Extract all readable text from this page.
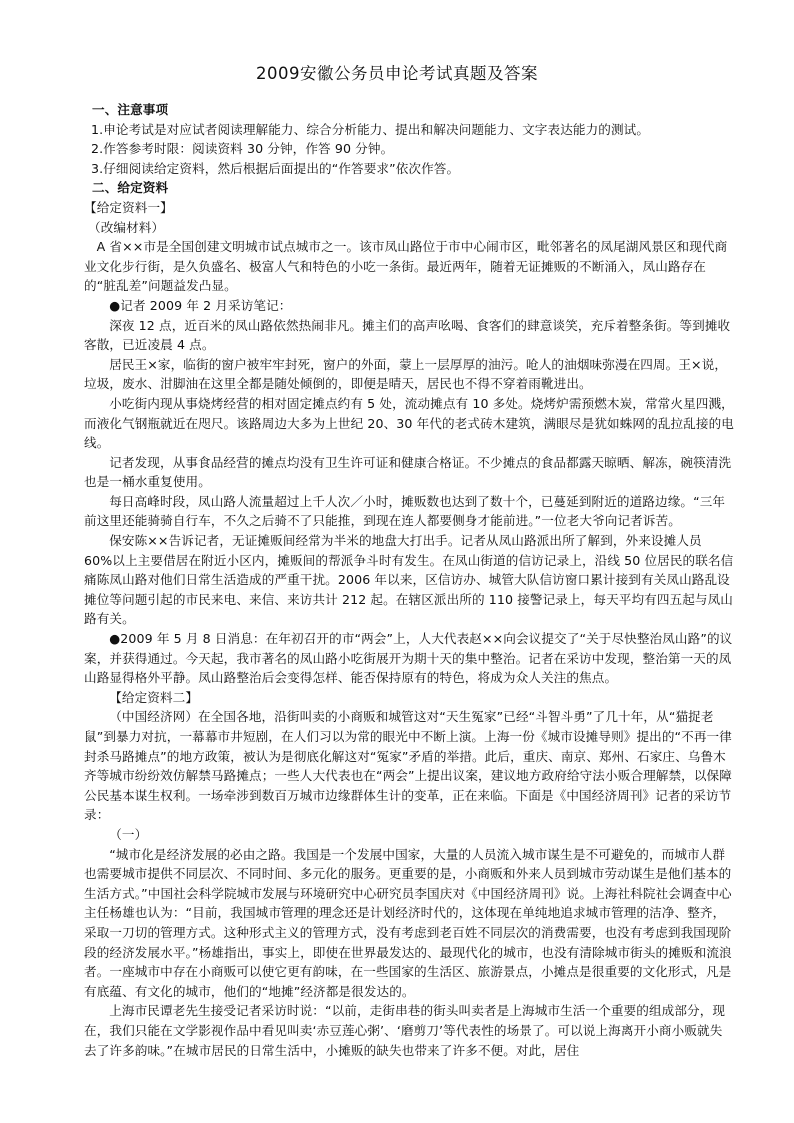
2009安徽公务员申论考试真题及答案

一、注意事项

1.申论考试是对应试者阅读理解能力、综合分析能力、提出和解决问题能力、文字表达能力的测试。

2.作答参考时限：阅读资料 30 分钟，作答 90 分钟。

3.仔细阅读给定资料，然后根据后面提出的“作答要求”依次作答。

二、给定资料

【给定资料一】

（改编材料）

A 省××市是全国创建文明城市试点城市之一。该市凤山路位于市中心闹市区，毗邻著名的凤尾湖风景区和现代商业文化步行街，是久负盛名、极富人气和特色的小吃一条街。最近两年，随着无证摊贩的不断涌入，凤山路存在的“脏乱差”问题益发凸显。

●记者 2009 年 2 月采访笔记：

深夜 12 点，近百米的凤山路依然热闹非凡。摊主们的高声吆喝、食客们的肆意谈笑，充斥着整条街。等到摊收客散，已近凌晨 4 点。

居民王×家，临街的窗户被牢牢封死，窗户的外面，蒙上一层厚厚的油污。呛人的油烟味弥漫在四周。王×说，垃圾，废水、泔脚油在这里全都是随处倾倒的，即便是晴天，居民也不得不穿着雨靴进出。

小吃街内现从事烧烤经营的相对固定摊点约有 5 处，流动摊点有 10 多处。烧烤炉需预燃木炭，常常火星四溅，而液化气钢瓶就近在咫尺。该路周边大多为上世纪 20、30 年代的老式砖木建筑，满眼尽是犹如蛛网的乱拉乱接的电线。

记者发现，从事食品经营的摊点均没有卫生许可证和健康合格证。不少摊点的食品都露天晾晒、解冻，碗筷清洗也是一桶水重复使用。

每日高峰时段，凤山路人流量超过上千人次／小时，摊贩数也达到了数十个，已蔓延到附近的道路边缘。“三年前这里还能骑骑自行车，不久之后骑不了只能推，到现在连人都要侧身才能前进。”一位老大爷向记者诉苦。

保安陈××告诉记者，无证摊贩间经常为半米的地盘大打出手。记者从凤山路派出所了解到，外来设摊人员 60%以上主要借居在附近小区内，摊贩间的帮派争斗时有发生。在凤山街道的信访记录上，沿线 50 位居民的联名信痛陈凤山路对他们日常生活造成的严重干扰。2006 年以来，区信访办、城管大队信访窗口累计接到有关凤山路乱设摊位等问题引起的市民来电、来信、来访共计 212 起。在辖区派出所的 110 接警记录上，每天平均有四五起与凤山路有关。

●2009 年 5 月 8 日消息：在年初召开的市“两会”上，人大代表赵××向会议提交了“关于尽快整治凤山路”的议案，并获得通过。今天起，我市著名的凤山路小吃街展开为期十天的集中整治。记者在采访中发现，整治第一天的凤山路显得格外平静。凤山路整治后会变得怎样、能否保持原有的特色，将成为众人关注的焦点。

【给定资料二】

（中国经济网）在全国各地，沿街叫卖的小商贩和城管这对“天生冤家”已经“斗智斗勇”了几十年，从“猫捉老鼠”到暴力对抗，一幕幕市井短剧，在人们习以为常的眼光中不断上演。上海一份《城市设摊导则》提出的“不再一律封杀马路摊点”的地方政策，被认为是彻底化解这对“冤家”矛盾的举措。此后，重庆、南京、郑州、石家庄、乌鲁木齐等城市纷纷效仿解禁马路摊点；一些人大代表也在“两会”上提出议案，建议地方政府给守法小贩合理解禁，以保障公民基本谋生权利。一场牵涉到数百万城市边缘群体生计的变革，正在来临。下面是《中国经济周刊》记者的采访节录：

（一）

“城市化是经济发展的必由之路。我国是一个发展中国家，大量的人员流入城市谋生是不可避免的，而城市人群也需要城市提供不同层次、不同时间、多元化的服务。更重要的是，小商贩和外来人员到城市劳动谋生是他们基本的生活方式。”中国社会科学院城市发展与环境研究中心研究员李国庆对《中国经济周刊》说。上海社科院社会调查中心主任杨雄也认为：“目前，我国城市管理的理念还是计划经济时代的，这体现在单纯地追求城市管理的洁净、整齐，采取一刀切的管理方式。这种形式主义的管理方式，没有考虑到老百姓不同层次的消费需要，也没有考虑到我国现阶段的经济发展水平。”杨雄指出，事实上，即使在世界最发达的、最现代化的城市，也没有清除城市街头的摊贩和流浪者。一座城市中存在小商贩可以使它更有韵味，在一些国家的生活区、旅游景点，小摊点是很重要的文化形式，凡是有底蕴、有文化的城市，他们的“地摊”经济都是很发达的。

上海市民谭老先生接受记者采访时说：“以前，走街串巷的街头叫卖者是上海城市生活一个重要的组成部分，现在，我们只能在文学影视作品中看见叫卖‘赤豆莲心粥’、‘磨剪刀’等代表性的场景了。可以说上海离开小商小贩就失去了许多韵味。”在城市居民的日常生活中，小摊贩的缺失也带来了许多不便。对此，居住
